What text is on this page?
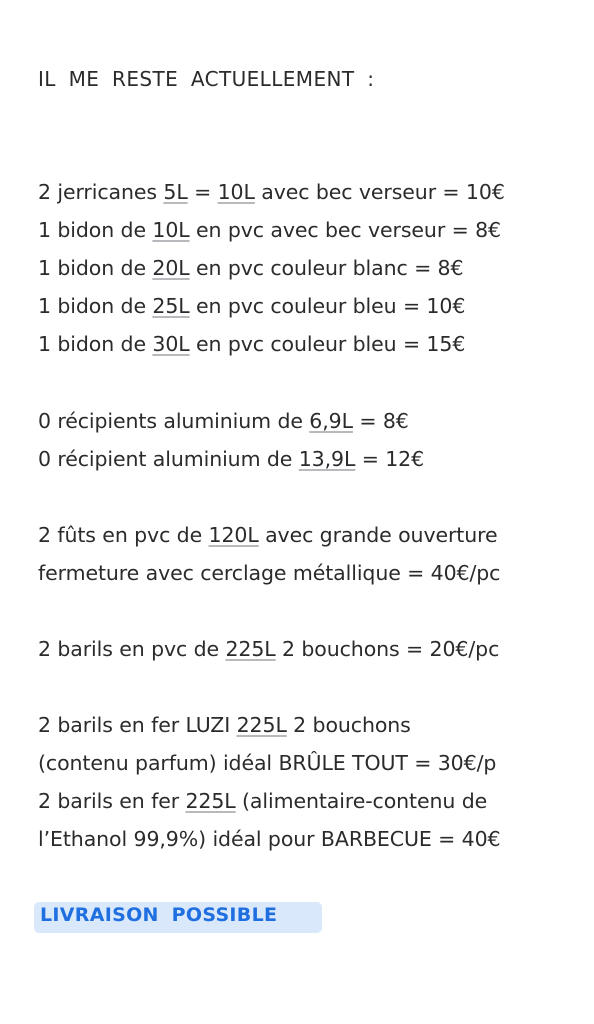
IL ME RESTE ACTUELLEMENT :
2 jerricanes 5L = 10L avec bec verseur = 10€
1 bidon de 10L en pvc avec bec verseur = 8€
1 bidon de 20L en pvc couleur blanc = 8€
1 bidon de 25L en pvc couleur bleu = 10€
1 bidon de 30L en pvc couleur bleu = 15€
0 récipients aluminium de 6,9L = 8€
0 récipient aluminium de 13,9L = 12€
2 fûts en pvc de 120L avec grande ouverture
fermeture avec cerclage métallique = 40€/pc
2 barils en pvc de 225L 2 bouchons = 20€/pc
2 barils en fer LUZI 225L 2 bouchons
(contenu parfum) idéal BRÛLE TOUT = 30€/p
2 barils en fer 225L (alimentaire-contenu de
l’Ethanol 99,9%) idéal pour BARBECUE = 40€
LIVRAISON POSSIBLE
